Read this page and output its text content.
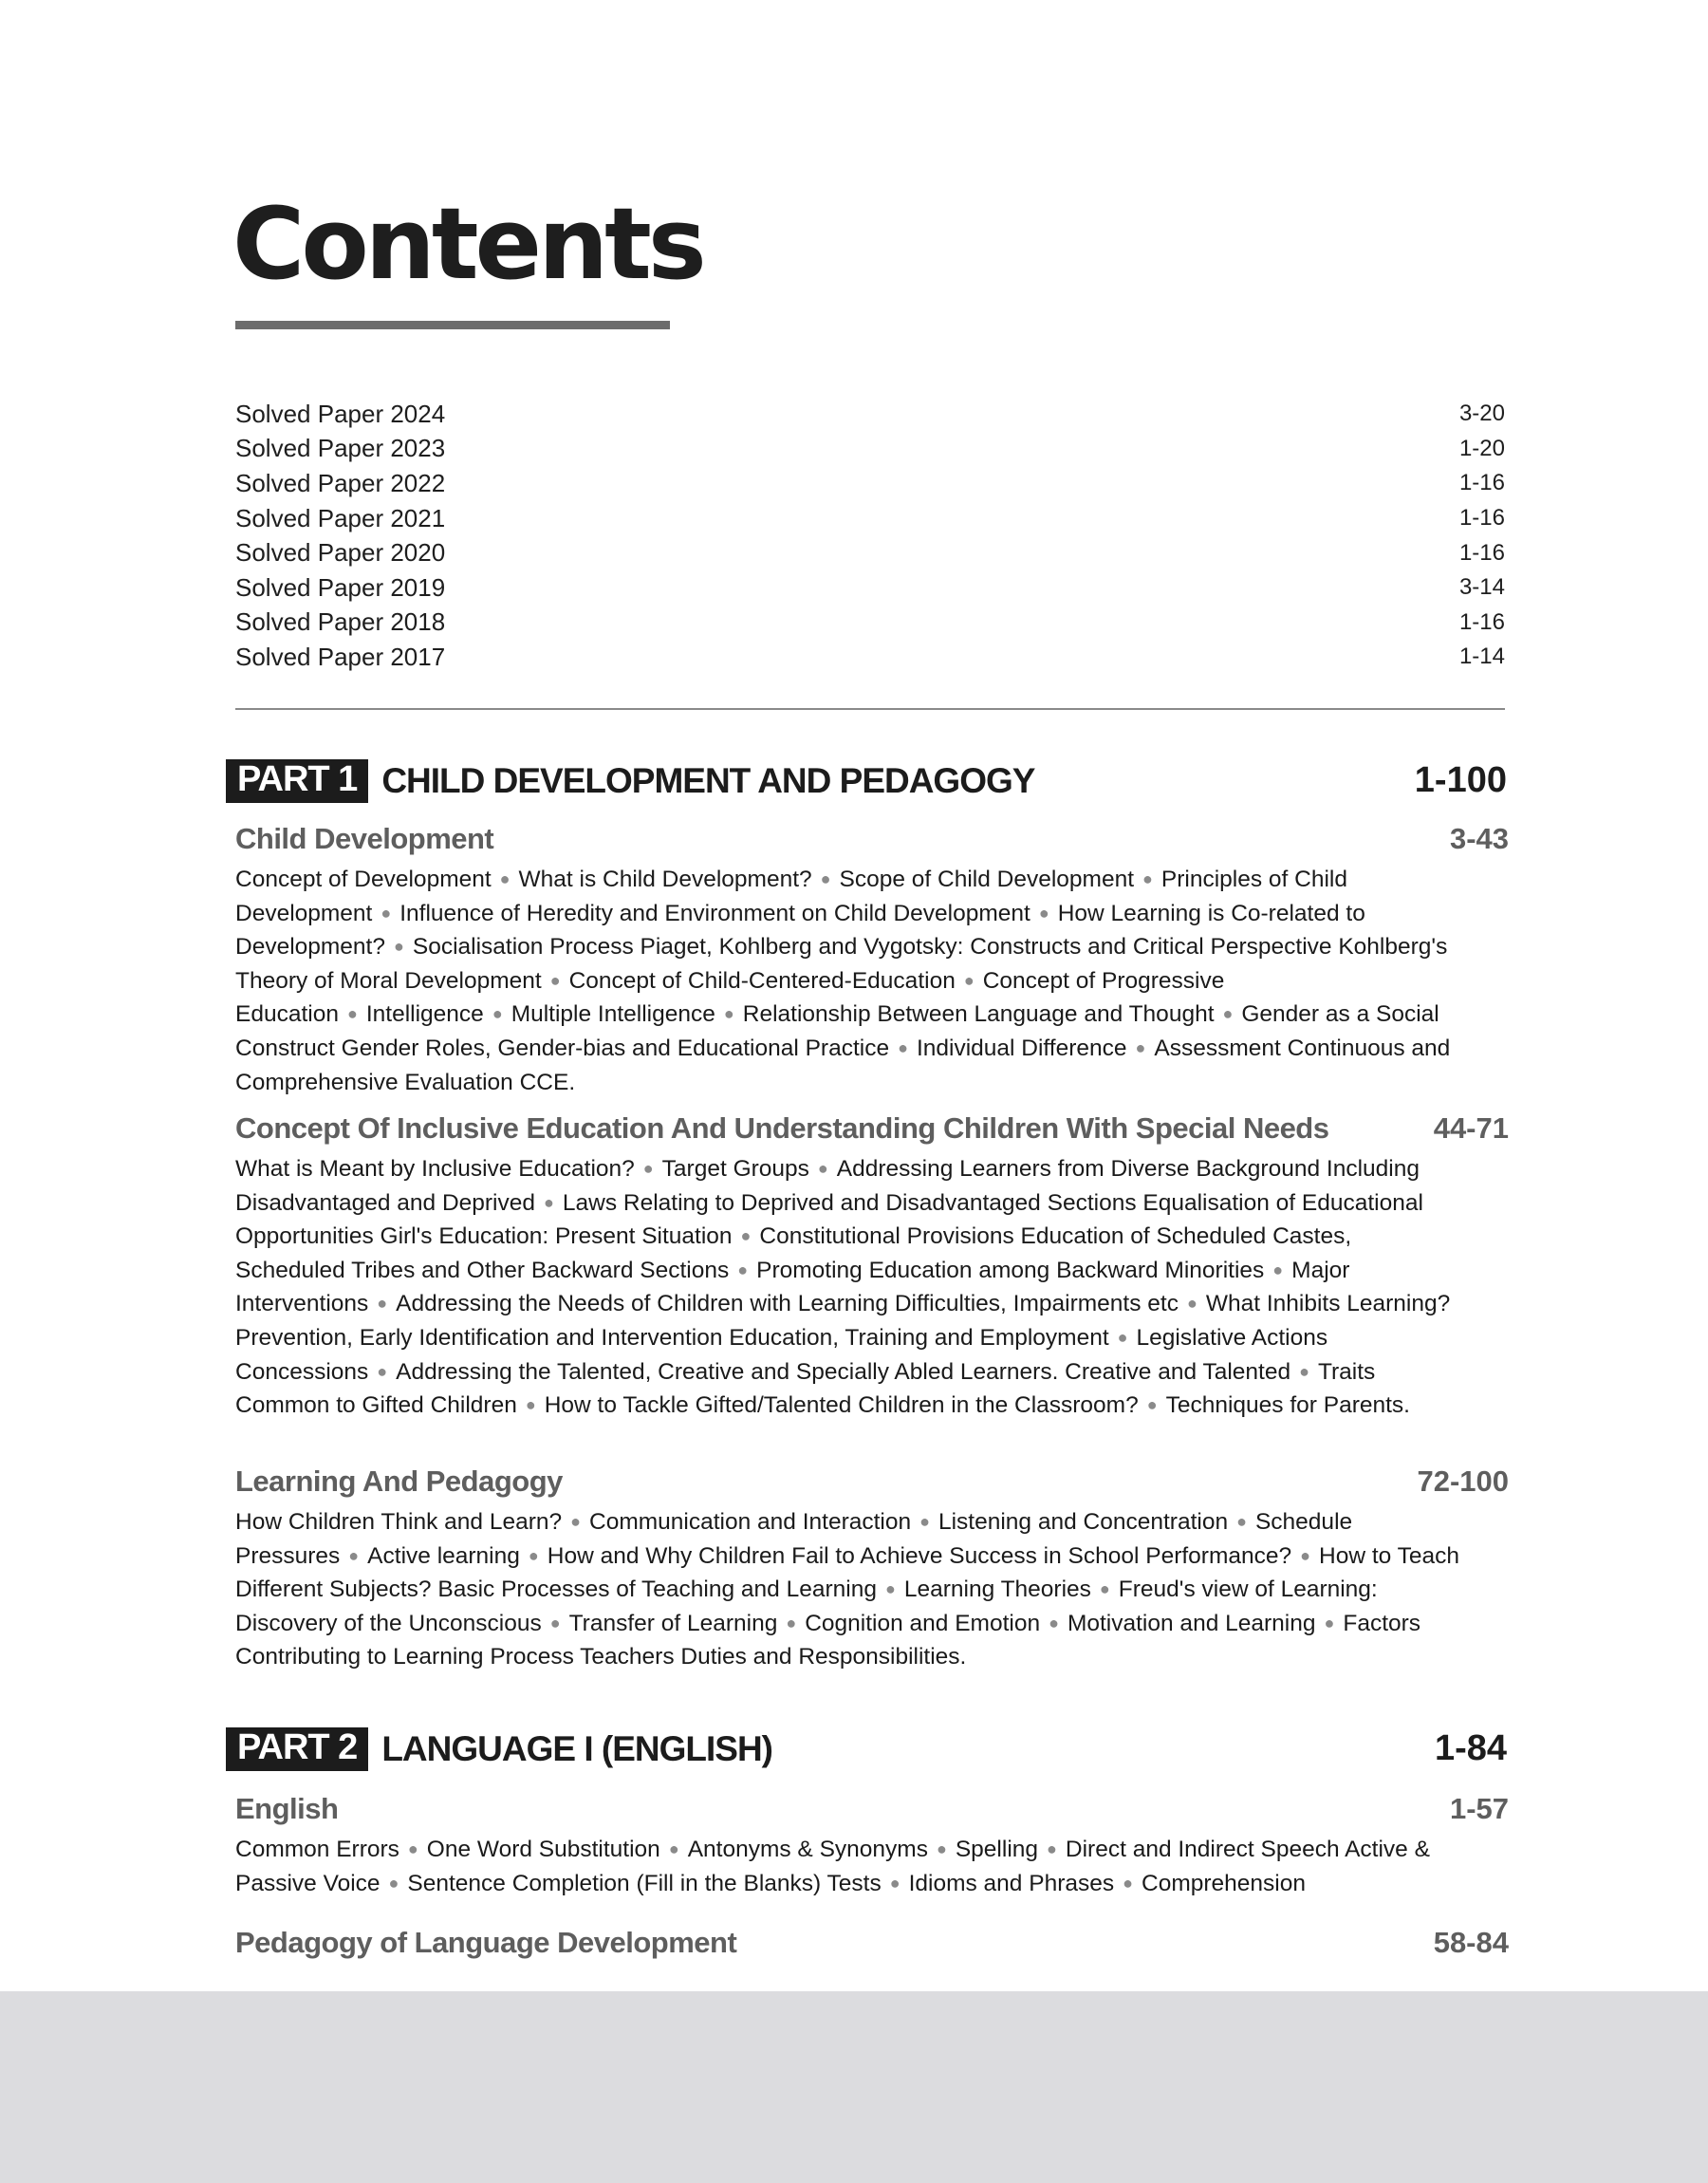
Contents
Solved Paper 2024	3-20
Solved Paper 2023	1-20
Solved Paper 2022	1-16
Solved Paper 2021	1-16
Solved Paper 2020	1-16
Solved Paper 2019	3-14
Solved Paper 2018	1-16
Solved Paper 2017	1-14
PART 1 CHILD DEVELOPMENT AND PEDAGOGY	1-100
Child Development	3-43
Concept of Development ● What is Child Development? ● Scope of Child Development ● Principles of Child Development ● Influence of Heredity and Environment on Child Development ● How Learning is Co-related to Development? ● Socialisation Process Piaget, Kohlberg and Vygotsky: Constructs and Critical Perspective Kohlberg's Theory of Moral Development ● Concept of Child-Centered-Education ● Concept of Progressive Education ● Intelligence ● Multiple Intelligence ● Relationship Between Language and Thought ● Gender as a Social Construct Gender Roles, Gender-bias and Educational Practice ● Individual Difference ● Assessment Continuous and Comprehensive Evaluation CCE.
Concept Of Inclusive Education And Understanding Children With Special Needs	44-71
What is Meant by Inclusive Education? ● Target Groups ● Addressing Learners from Diverse Background Including Disadvantaged and Deprived ● Laws Relating to Deprived and Disadvantaged Sections Equalisation of Educational Opportunities Girl's Education: Present Situation ● Constitutional Provisions Education of Scheduled Castes, Scheduled Tribes and Other Backward Sections ● Promoting Education among Backward Minorities ● Major Interventions ● Addressing the Needs of Children with Learning Difficulties, Impairments etc ● What Inhibits Learning? Prevention, Early Identification and Intervention Education, Training and Employment ● Legislative Actions Concessions ● Addressing the Talented, Creative and Specially Abled Learners. Creative and Talented ● Traits Common to Gifted Children ● How to Tackle Gifted/Talented Children in the Classroom? ● Techniques for Parents.
Learning And Pedagogy	72-100
How Children Think and Learn? ● Communication and Interaction ● Listening and Concentration ● Schedule Pressures ● Active learning ● How and Why Children Fail to Achieve Success in School Performance? ● How to Teach Different Subjects? Basic Processes of Teaching and Learning ● Learning Theories ● Freud's view of Learning: Discovery of the Unconscious ● Transfer of Learning ● Cognition and Emotion ● Motivation and Learning ● Factors Contributing to Learning Process Teachers Duties and Responsibilities.
PART 2 LANGUAGE I (ENGLISH)	1-84
English	1-57
Common Errors ● One Word Substitution ● Antonyms & Synonyms ● Spelling ● Direct and Indirect Speech Active & Passive Voice ● Sentence Completion (Fill in the Blanks) Tests ● Idioms and Phrases ● Comprehension
Pedagogy of Language Development	58-84
